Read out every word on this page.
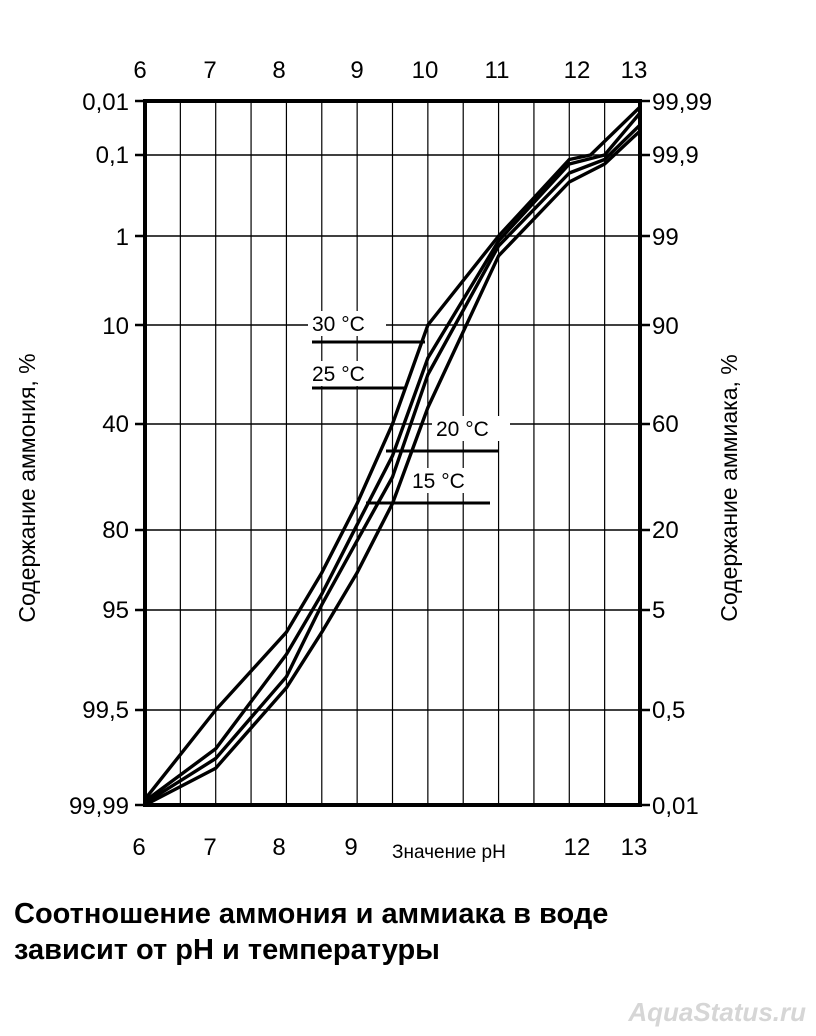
30 °C
25 °C
20 °C
15 °C
6 7 8	9 10 11 12 13
6 7 8 9	12 13
0,01
0,1
1
10
40
80
95
99,5
99,99
99,99
99,9
99
90
60
20
5
0,5
0,01
Значение pH
Содержание аммония, %	Содержание аммиака, %
Соотношение аммония и аммиака в воде
зависит от pH и температуры
AquaStatus.ru
